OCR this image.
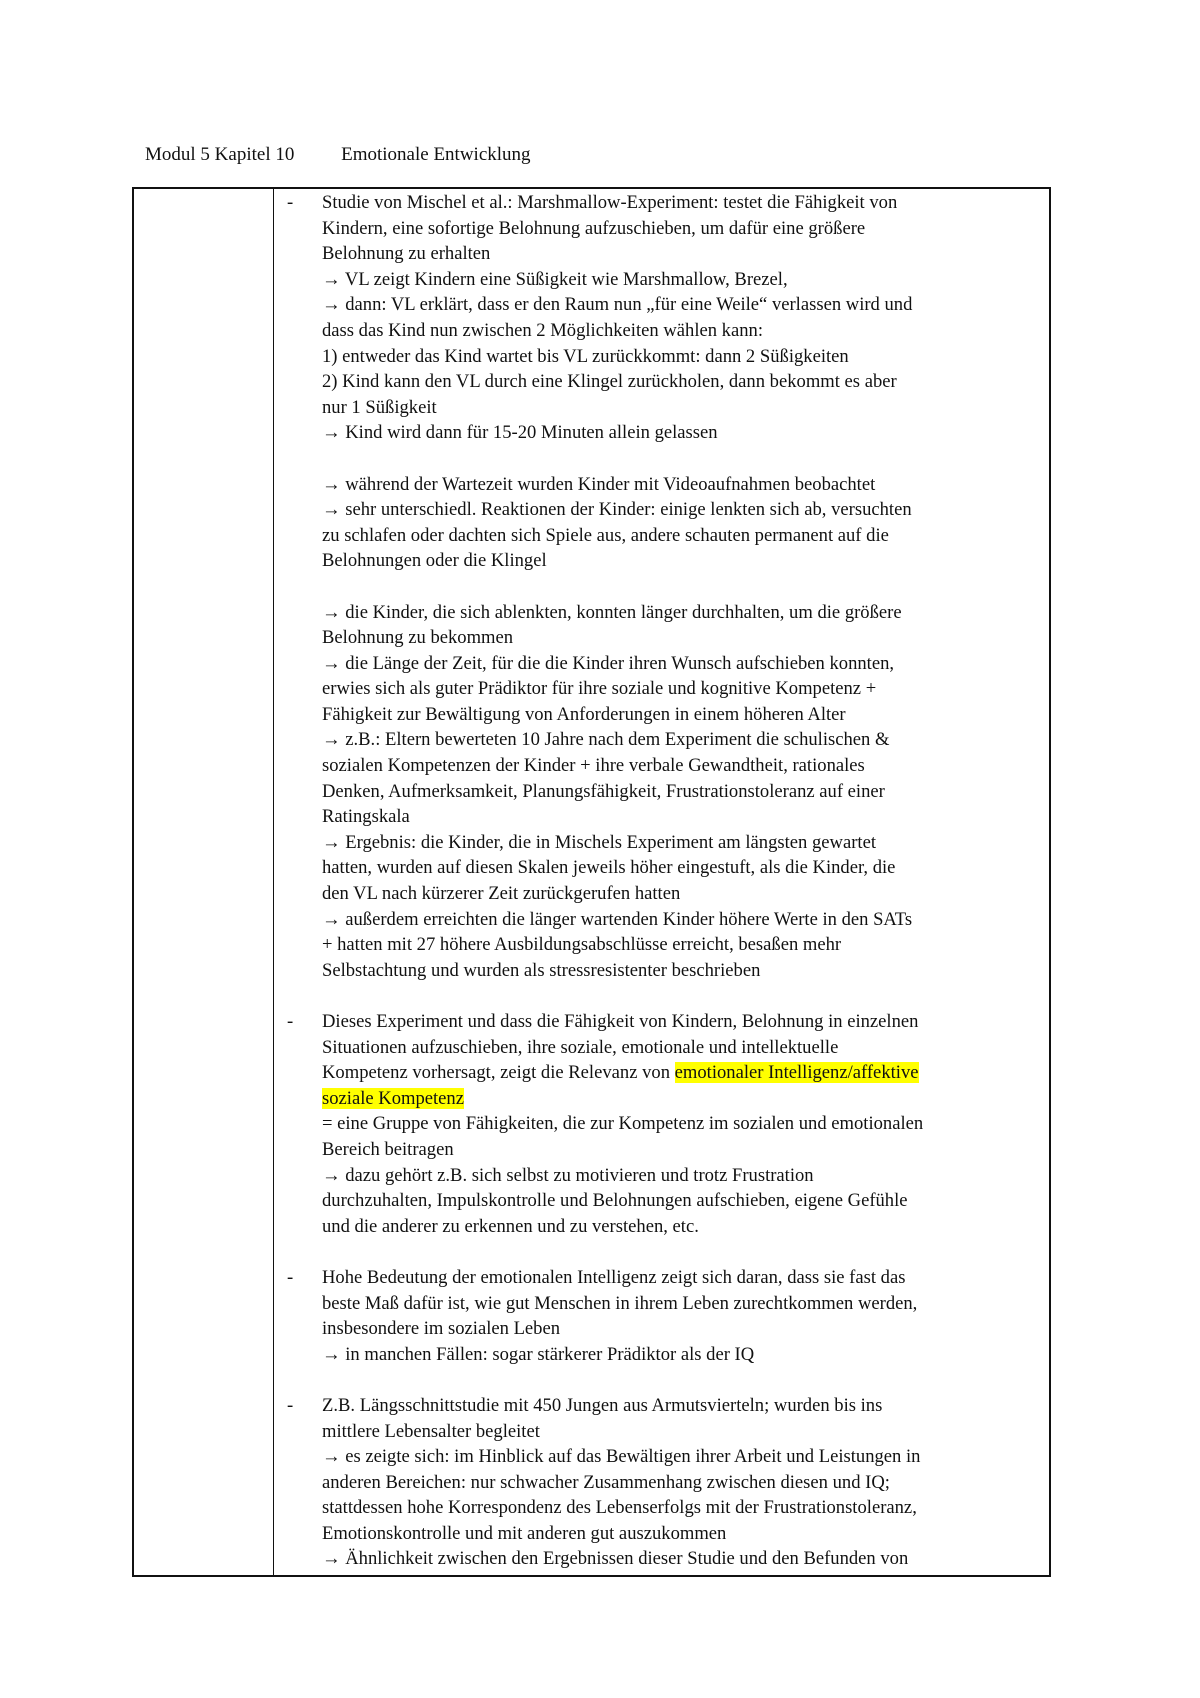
Modul 5 Kapitel 10 Emotionale Entwicklung
- Studie von Mischel et al.: Marshmallow-Experiment: testet die Fähigkeit von
Kindern, eine sofortige Belohnung aufzuschieben, um dafür eine größere
Belohnung zu erhalten
→ VL zeigt Kindern eine Süßigkeit wie Marshmallow, Brezel,
→ dann: VL erklärt, dass er den Raum nun „für eine Weile“ verlassen wird und
dass das Kind nun zwischen 2 Möglichkeiten wählen kann:
1) entweder das Kind wartet bis VL zurückkommt: dann 2 Süßigkeiten
2) Kind kann den VL durch eine Klingel zurückholen, dann bekommt es aber
nur 1 Süßigkeit
→ Kind wird dann für 15-20 Minuten allein gelassen
→ während der Wartezeit wurden Kinder mit Videoaufnahmen beobachtet
→ sehr unterschiedl. Reaktionen der Kinder: einige lenkten sich ab, versuchten
zu schlafen oder dachten sich Spiele aus, andere schauten permanent auf die
Belohnungen oder die Klingel
→ die Kinder, die sich ablenkten, konnten länger durchhalten, um die größere
Belohnung zu bekommen
→ die Länge der Zeit, für die die Kinder ihren Wunsch aufschieben konnten,
erwies sich als guter Prädiktor für ihre soziale und kognitive Kompetenz +
Fähigkeit zur Bewältigung von Anforderungen in einem höheren Alter
→ z.B.: Eltern bewerteten 10 Jahre nach dem Experiment die schulischen &
sozialen Kompetenzen der Kinder + ihre verbale Gewandtheit, rationales
Denken, Aufmerksamkeit, Planungsfähigkeit, Frustrationstoleranz auf einer
Ratingskala
→ Ergebnis: die Kinder, die in Mischels Experiment am längsten gewartet
hatten, wurden auf diesen Skalen jeweils höher eingestuft, als die Kinder, die
den VL nach kürzerer Zeit zurückgerufen hatten
→ außerdem erreichten die länger wartenden Kinder höhere Werte in den SATs
+ hatten mit 27 höhere Ausbildungsabschlüsse erreicht, besaßen mehr
Selbstachtung und wurden als stressresistenter beschrieben
- Dieses Experiment und dass die Fähigkeit von Kindern, Belohnung in einzelnen
Situationen aufzuschieben, ihre soziale, emotionale und intellektuelle
Kompetenz vorhersagt, zeigt die Relevanz von emotionaler Intelligenz/affektive
soziale Kompetenz
= eine Gruppe von Fähigkeiten, die zur Kompetenz im sozialen und emotionalen
Bereich beitragen
→ dazu gehört z.B. sich selbst zu motivieren und trotz Frustration
durchzuhalten, Impulskontrolle und Belohnungen aufschieben, eigene Gefühle
und die anderer zu erkennen und zu verstehen, etc.
- Hohe Bedeutung der emotionalen Intelligenz zeigt sich daran, dass sie fast das
beste Maß dafür ist, wie gut Menschen in ihrem Leben zurechtkommen werden,
insbesondere im sozialen Leben
→ in manchen Fällen: sogar stärkerer Prädiktor als der IQ
- Z.B. Längsschnittstudie mit 450 Jungen aus Armutsvierteln; wurden bis ins
mittlere Lebensalter begleitet
→ es zeigte sich: im Hinblick auf das Bewältigen ihrer Arbeit und Leistungen in
anderen Bereichen: nur schwacher Zusammenhang zwischen diesen und IQ;
stattdessen hohe Korrespondenz des Lebenserfolgs mit der Frustrationstoleranz,
Emotionskontrolle und mit anderen gut auszukommen
→ Ähnlichkeit zwischen den Ergebnissen dieser Studie und den Befunden von
